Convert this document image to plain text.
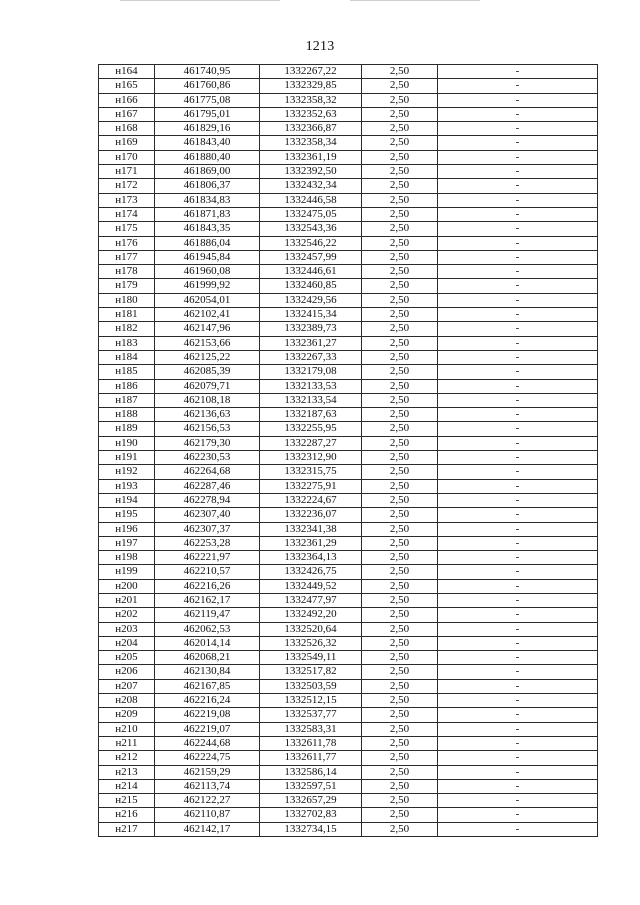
1213
н164	461740,95	1332267,22	2,50	-
н165	461760,86	1332329,85	2,50	-
н166	461775,08	1332358,32	2,50	-
н167	461795,01	1332352,63	2,50	-
н168	461829,16	1332366,87	2,50	-
н169	461843,40	1332358,34	2,50	-
н170	461880,40	1332361,19	2,50	-
н171	461869,00	1332392,50	2,50	-
н172	461806,37	1332432,34	2,50	-
н173	461834,83	1332446,58	2,50	-
н174	461871,83	1332475,05	2,50	-
н175	461843,35	1332543,36	2,50	-
н176	461886,04	1332546,22	2,50	-
н177	461945,84	1332457,99	2,50	-
н178	461960,08	1332446,61	2,50	-
н179	461999,92	1332460,85	2,50	-
н180	462054,01	1332429,56	2,50	-
н181	462102,41	1332415,34	2,50	-
н182	462147,96	1332389,73	2,50	-
н183	462153,66	1332361,27	2,50	-
н184	462125,22	1332267,33	2,50	-
н185	462085,39	1332179,08	2,50	-
н186	462079,71	1332133,53	2,50	-
н187	462108,18	1332133,54	2,50	-
н188	462136,63	1332187,63	2,50	-
н189	462156,53	1332255,95	2,50	-
н190	462179,30	1332287,27	2,50	-
н191	462230,53	1332312,90	2,50	-
н192	462264,68	1332315,75	2,50	-
н193	462287,46	1332275,91	2,50	-
н194	462278,94	1332224,67	2,50	-
н195	462307,40	1332236,07	2,50	-
н196	462307,37	1332341,38	2,50	-
н197	462253,28	1332361,29	2,50	-
н198	462221,97	1332364,13	2,50	-
н199	462210,57	1332426,75	2,50	-
н200	462216,26	1332449,52	2,50	-
н201	462162,17	1332477,97	2,50	-
н202	462119,47	1332492,20	2,50	-
н203	462062,53	1332520,64	2,50	-
н204	462014,14	1332526,32	2,50	-
н205	462068,21	1332549,11	2,50	-
н206	462130,84	1332517,82	2,50	-
н207	462167,85	1332503,59	2,50	-
н208	462216,24	1332512,15	2,50	-
н209	462219,08	1332537,77	2,50	-
н210	462219,07	1332583,31	2,50	-
н211	462244,68	1332611,78	2,50	-
н212	462224,75	1332611,77	2,50	-
н213	462159,29	1332586,14	2,50	-
н214	462113,74	1332597,51	2,50	-
н215	462122,27	1332657,29	2,50	-
н216	462110,87	1332702,83	2,50	-
н217	462142,17	1332734,15	2,50	-
